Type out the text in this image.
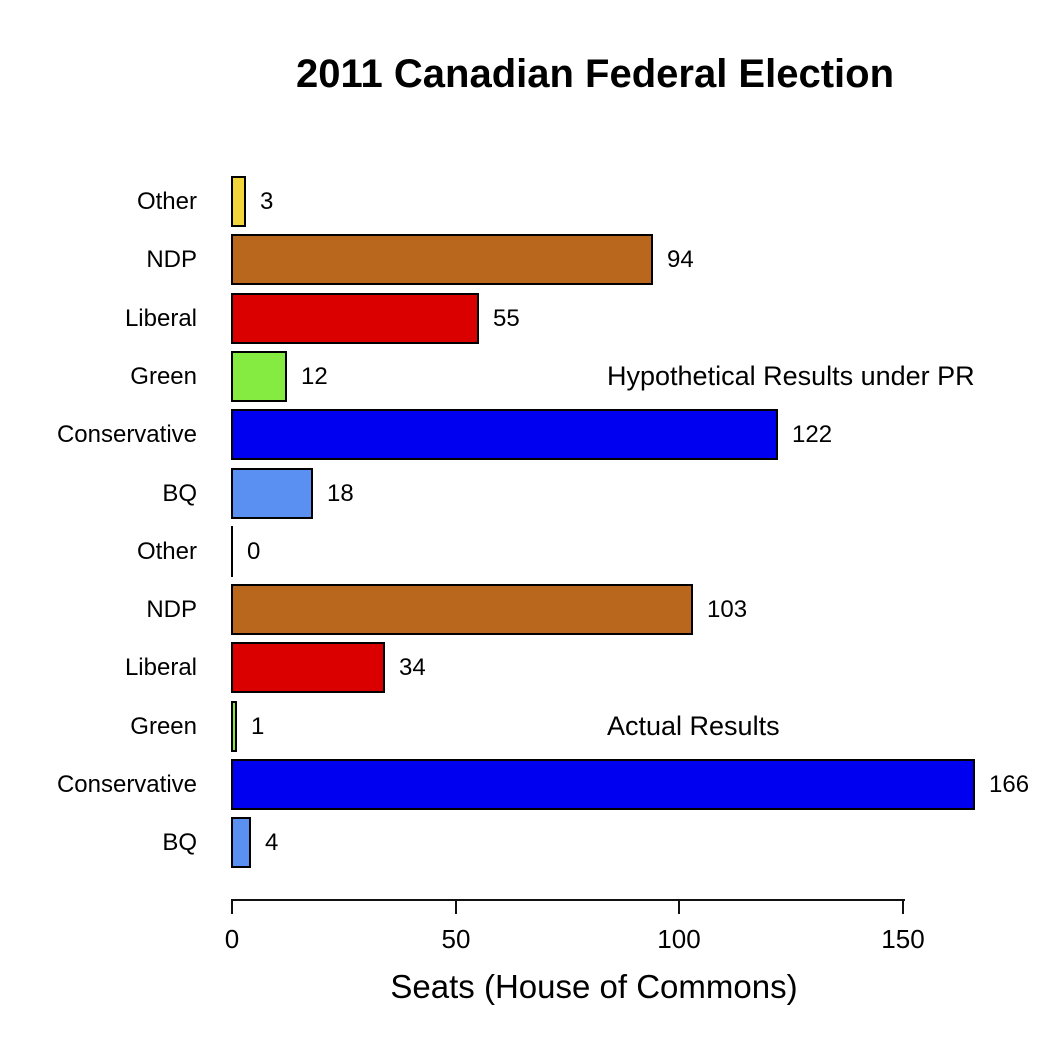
2011 Canadian Federal Election
Other	3
NDP	94
Liberal	55
Green	12
Conservative	122
BQ	18
Hypothetical Results under PR
Other 0
NDP	103
Liberal	34
Green 1
Conservative	166
BQ	4
Actual Results
0	50	100	150
Seats (House of Commons)
